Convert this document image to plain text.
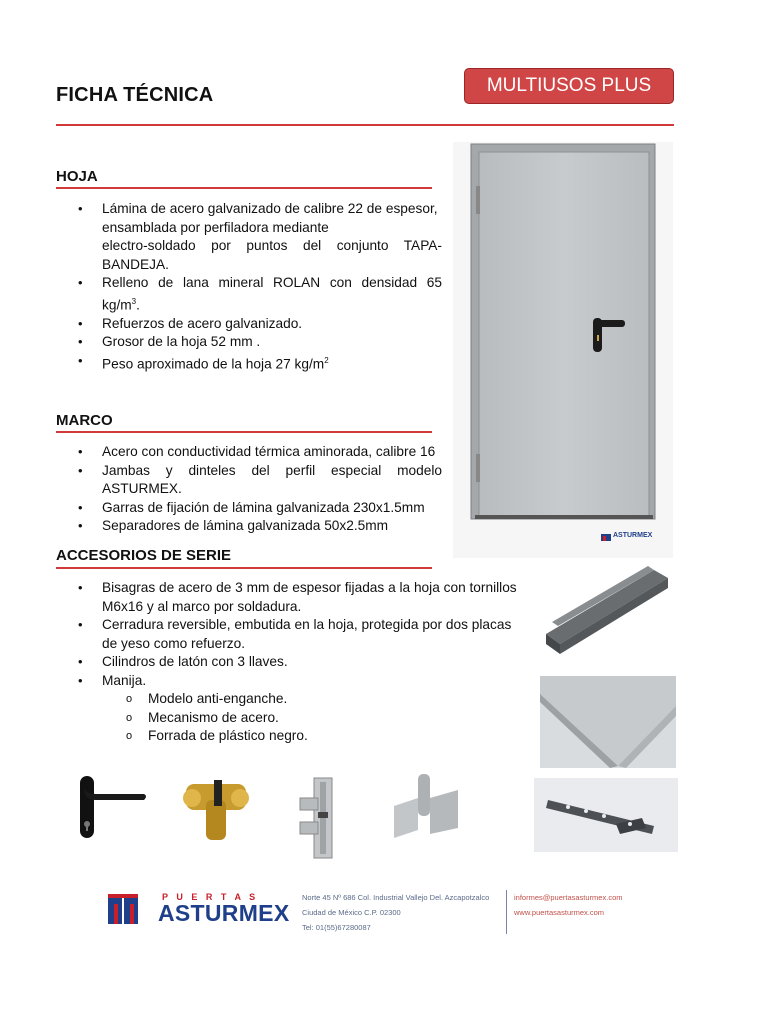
FICHA TÉCNICA	MULTIUSOS PLUS
HOJA
• Lámina de acero galvanizado de calibre 22 de espesor,
ensamblada por perfiladora mediante

electro-soldado por puntos del conjunto TAPA-
BANDEJA.
• Relleno de lana mineral ROLAN con densidad 65 $kg/m^3$.
• Refuerzos de acero galvanizado.
• Grosor de la hoja 52 mm .
• Peso aproximado de la hoja 27 $kg/m^2$
ASTURMEX
MARCO
• Acero con conductividad térmica aminorada, calibre 16
• Jambas y dinteles del perfil especial modelo ASTURMEX.
• Garras de fijación de lámina galvanizada 230x1.5mm
• Separadores de lámina galvanizada 50x2.5mm
ACCESORIOS DE SERIE
• Bisagras de acero de 3 mm de espesor fijadas a la hoja con tornillos M6x16 y al marco por soldadura.
• Cerradura reversible, embutida en la hoja, protegida por dos placas de yeso como refuerzo.
• Cilindros de latón con 3 llaves.
• Manija.
o Modelo anti-enganche.
o Mecanismo de acero.
o Forrada de plástico negro.
P U E R T A S
ASTURMEX
Norte 45 Nº 686 Col. Industrial Vallejo Del. Azcapotzalco
Ciudad de México C.P. 02300
Tel: 01(55)67280087
informes@puertasasturmex.com
www.puertasasturmex.com
